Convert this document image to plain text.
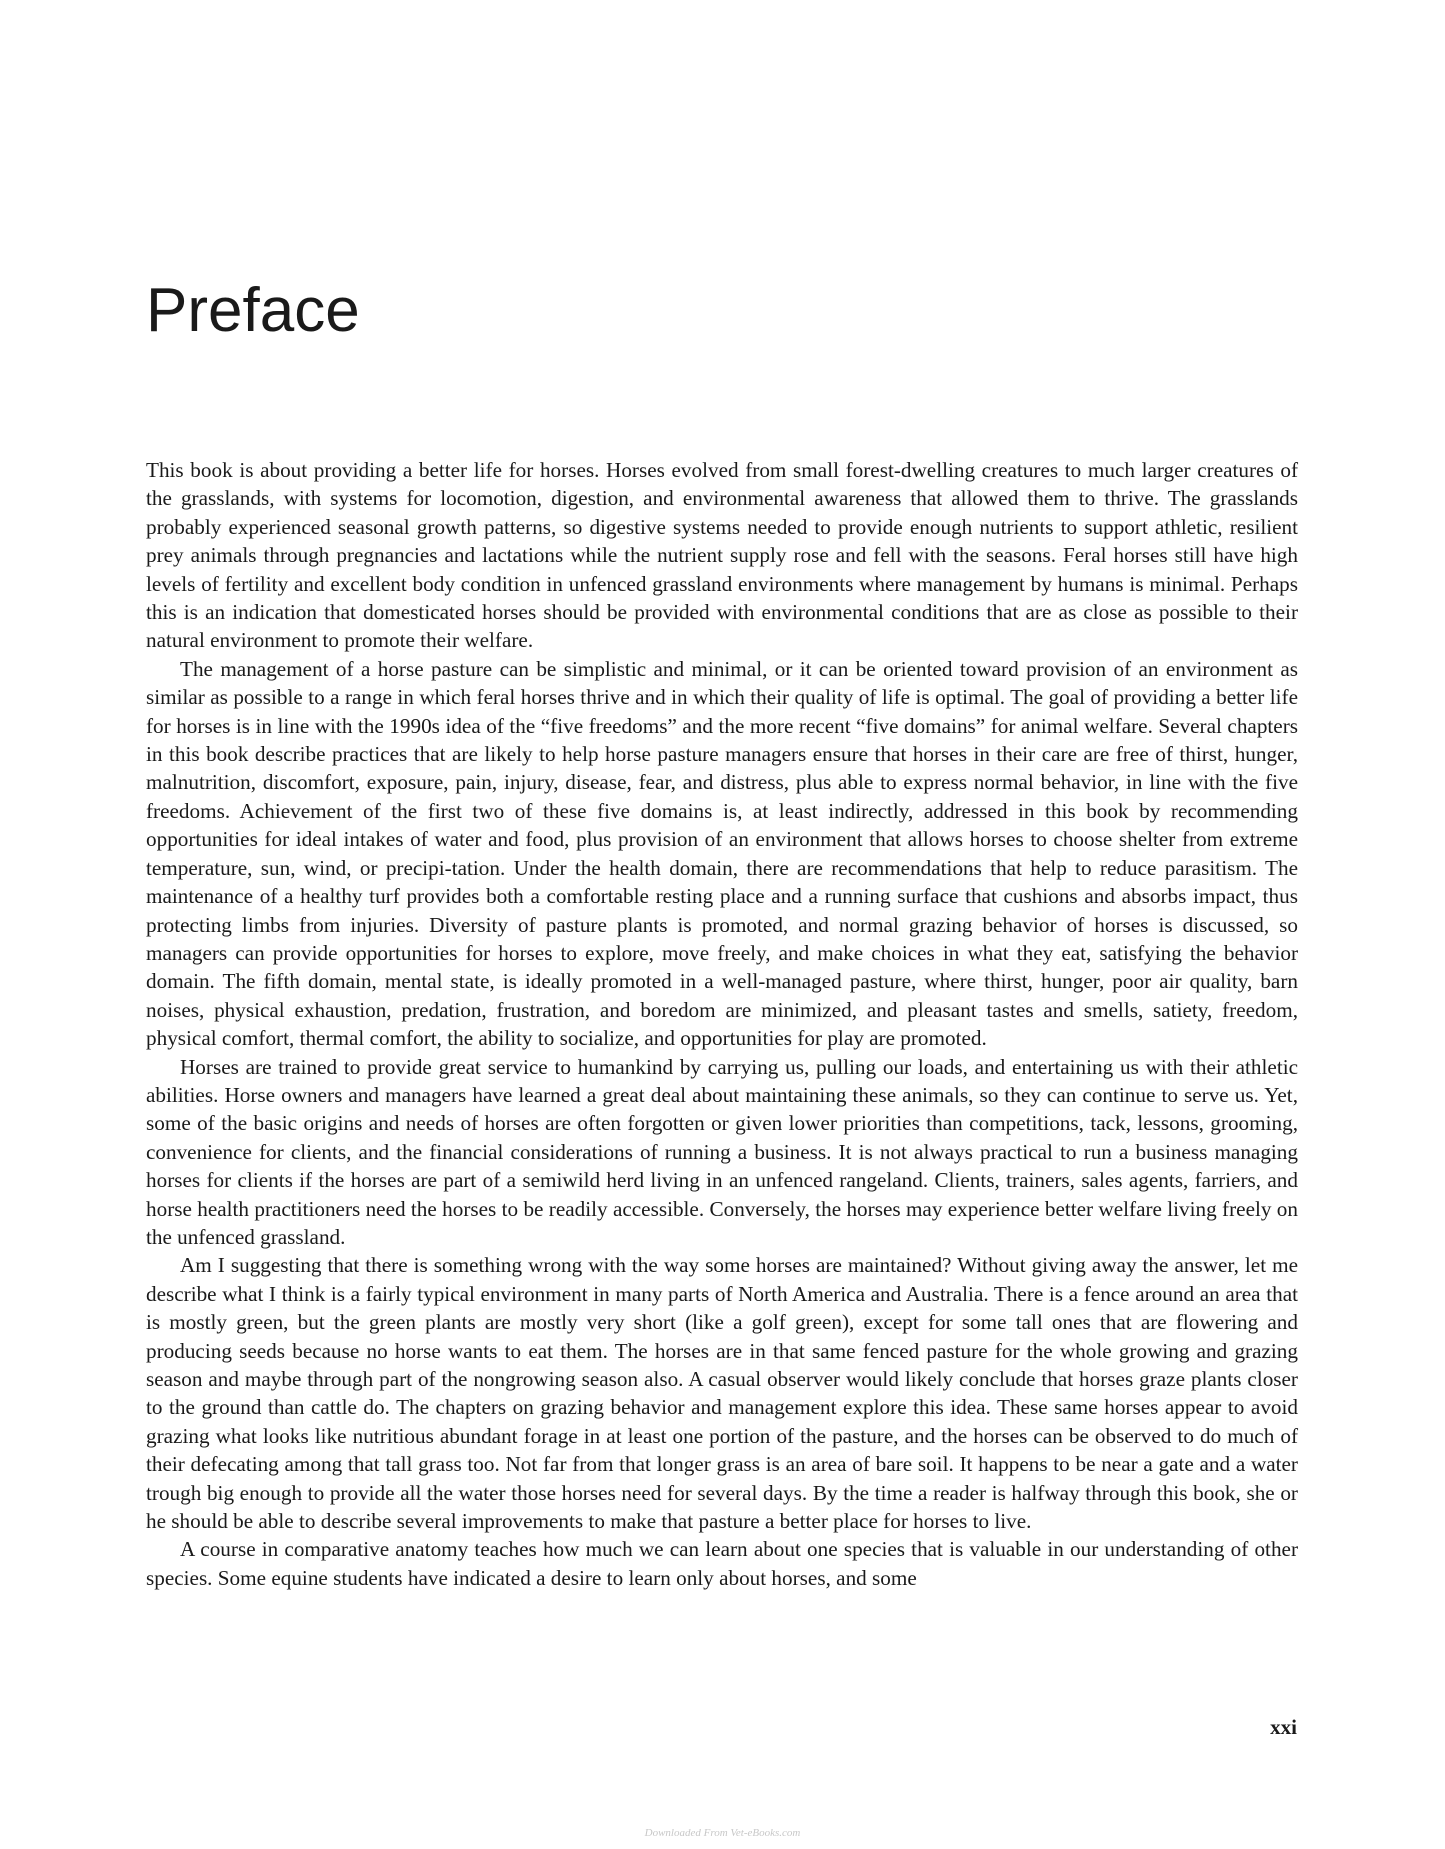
Preface

This book is about providing a better life for horses. Horses evolved from small forest-dwelling creatures to much larger creatures of the grasslands, with systems for locomotion, digestion, and environmental awareness that allowed them to thrive. The grasslands probably experienced seasonal growth patterns, so digestive systems needed to provide enough nutrients to support athletic, resilient prey animals through pregnancies and lactations while the nutrient supply rose and fell with the seasons. Feral horses still have high levels of fertility and excellent body condition in unfenced grassland environments where management by humans is minimal. Perhaps this is an indication that domesticated horses should be provided with environmental conditions that are as close as possible to their natural environment to promote their welfare.

The management of a horse pasture can be simplistic and minimal, or it can be oriented toward provision of an environment as similar as possible to a range in which feral horses thrive and in which their quality of life is optimal. The goal of providing a better life for horses is in line with the 1990s idea of the “five freedoms” and the more recent “five domains” for animal welfare. Several chapters in this book describe practices that are likely to help horse pasture managers ensure that horses in their care are free of thirst, hunger, malnutrition, discomfort, exposure, pain, injury, disease, fear, and distress, plus able to express normal behavior, in line with the five freedoms. Achievement of the first two of these five domains is, at least indirectly, addressed in this book by recommending opportunities for ideal intakes of water and food, plus provision of an environment that allows horses to choose shelter from extreme temperature, sun, wind, or precipi-tation. Under the health domain, there are recommendations that help to reduce parasitism. The maintenance of a healthy turf provides both a comfortable resting place and a running surface that cushions and absorbs impact, thus protecting limbs from injuries. Diversity of pasture plants is promoted, and normal grazing behavior of horses is discussed, so managers can provide opportunities for horses to explore, move freely, and make choices in what they eat, satisfying the behavior domain. The fifth domain, mental state, is ideally promoted in a well-managed pasture, where thirst, hunger, poor air quality, barn noises, physical exhaustion, predation, frustration, and boredom are minimized, and pleasant tastes and smells, satiety, freedom, physical comfort, thermal comfort, the ability to socialize, and opportunities for play are promoted.

Horses are trained to provide great service to humankind by carrying us, pulling our loads, and entertaining us with their athletic abilities. Horse owners and managers have learned a great deal about maintaining these animals, so they can continue to serve us. Yet, some of the basic origins and needs of horses are often forgotten or given lower priorities than competitions, tack, lessons, grooming, convenience for clients, and the financial considerations of running a business. It is not always practical to run a business managing horses for clients if the horses are part of a semiwild herd living in an unfenced rangeland. Clients, trainers, sales agents, farriers, and horse health practitioners need the horses to be readily accessible. Conversely, the horses may experience better welfare living freely on the unfenced grassland.

Am I suggesting that there is something wrong with the way some horses are maintained? Without giving away the answer, let me describe what I think is a fairly typical environment in many parts of North America and Australia. There is a fence around an area that is mostly green, but the green plants are mostly very short (like a golf green), except for some tall ones that are flowering and producing seeds because no horse wants to eat them. The horses are in that same fenced pasture for the whole growing and grazing season and maybe through part of the nongrowing season also. A casual observer would likely conclude that horses graze plants closer to the ground than cattle do. The chapters on grazing behavior and management explore this idea. These same horses appear to avoid grazing what looks like nutritious abundant forage in at least one portion of the pasture, and the horses can be observed to do much of their defecating among that tall grass too. Not far from that longer grass is an area of bare soil. It happens to be near a gate and a water trough big enough to provide all the water those horses need for several days. By the time a reader is halfway through this book, she or he should be able to describe several improvements to make that pasture a better place for horses to live.

A course in comparative anatomy teaches how much we can learn about one species that is valuable in our understanding of other species. Some equine students have indicated a desire to learn only about horses, and some

xxi
Downloaded From Vet-eBooks.com
